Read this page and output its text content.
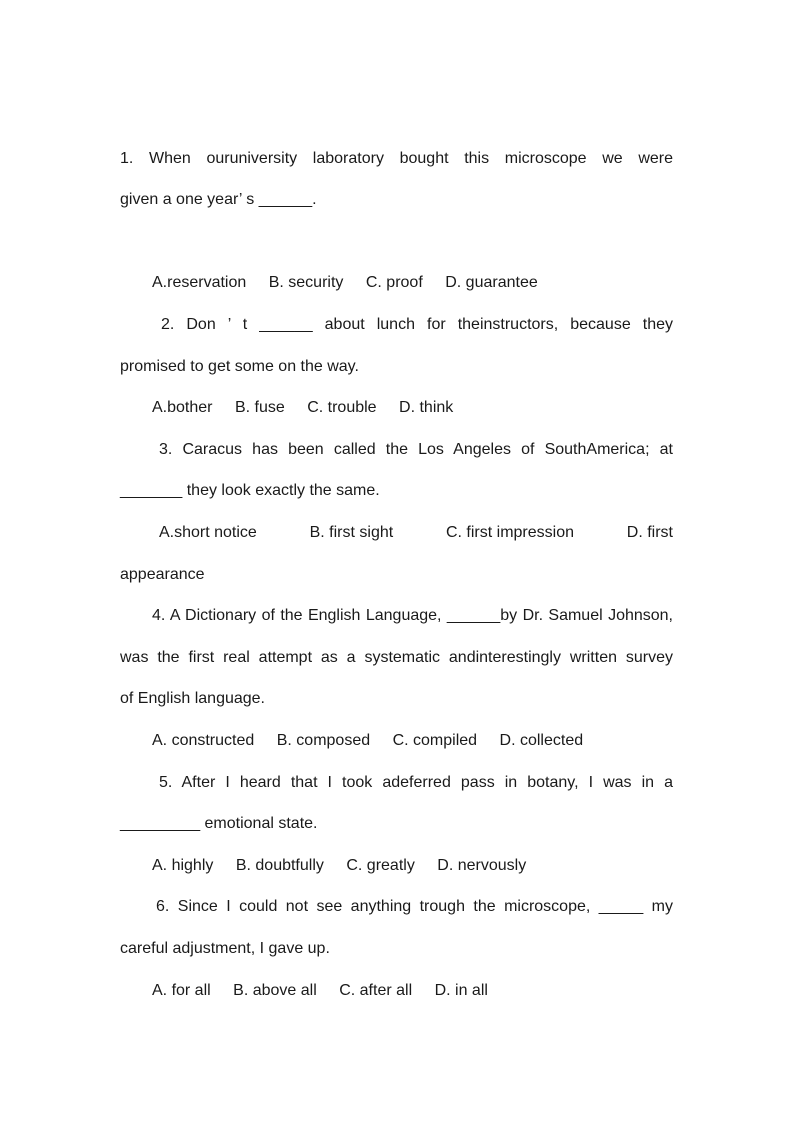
1. When ouruniversity laboratory bought this microscope we were
given a one year’ s ______.
A.reservation B. security C. proof D. guarantee
2. Don ’ t ______ about lunch for theinstructors, because they
promised to get some on the way.
A.bother B. fuse C. trouble D. think
3. Caracus has been called the Los Angeles of SouthAmerica; at
_______ they look exactly the same.
A.short notice	B. first sight	C. first impression	D. first
appearance
4. A Dictionary of the English Language, ______by Dr. Samuel Johnson,
was the first real attempt as a systematic andinterestingly written survey
of English language.
A. constructed B. composed C. compiled D. collected
5. After I heard that I took adeferred pass in botany, I was in a
_________ emotional state.
A. highly B. doubtfully C. greatly D. nervously
6. Since I could not see anything trough the microscope, _____ my
careful adjustment, I gave up.
A. for all B. above all C. after all D. in all
